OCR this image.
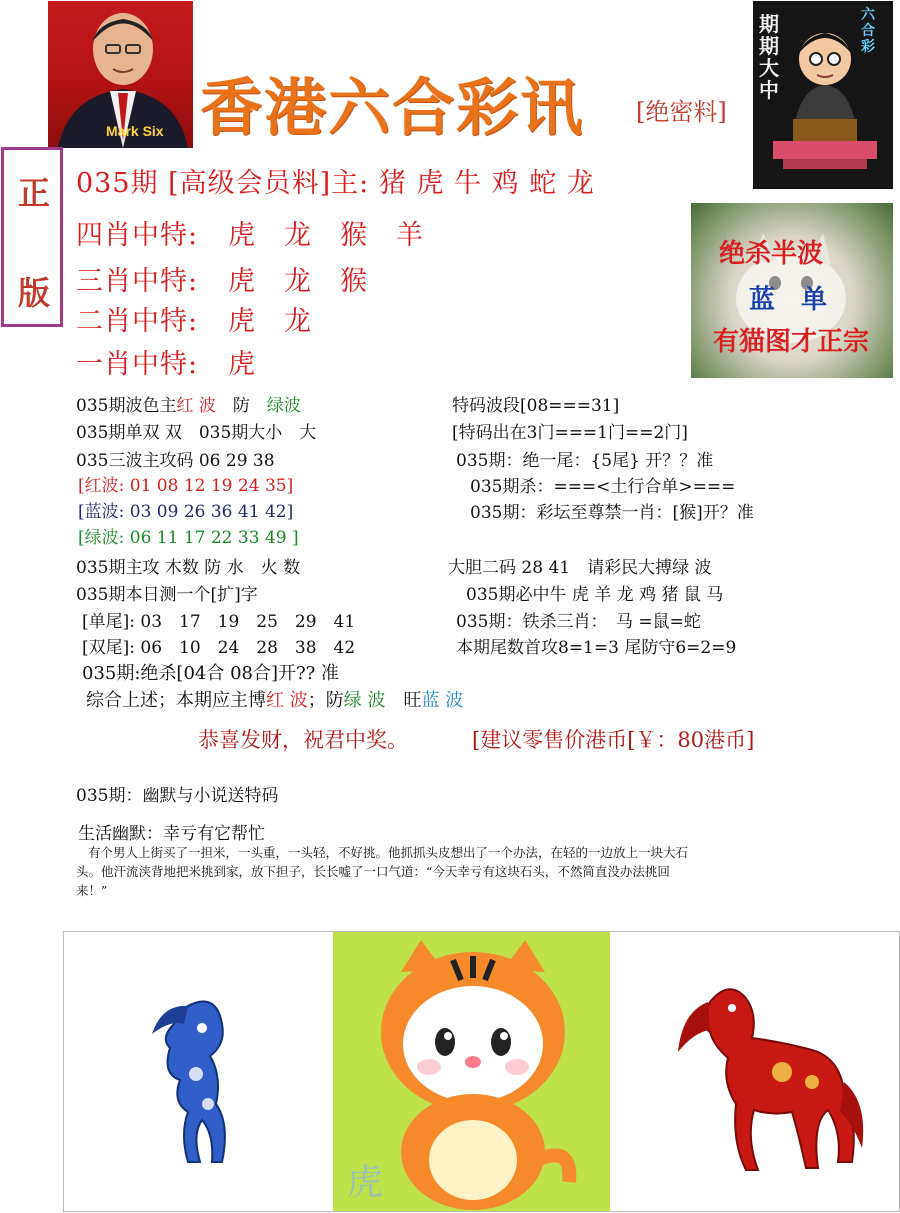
Mark Six 香港六合彩讯 [绝密料]
期期大中
六合彩
正
版
035期 [高级会员料]主: 猪 虎 牛 鸡 蛇 龙
四肖中特: 虎　龙　猴　羊
三肖中特: 虎　龙　猴
二肖中特: 虎　龙
一肖中特: 虎
绝杀半波
蓝　单
有猫图才正宗
035期波色主红 波　防　绿波
035期单双 双　035期大小　大
035三波主攻码 06 29 38
[红波: 01 08 12 19 24 35]
[蓝波: 03 09 26 36 41 42]
[绿波: 06 11 17 22 33 49 ]
035期主攻 木数 防 水　火 数
035期本日测一个[扩]字
[单尾]: 03　17　19　25　29　41
[双尾]: 06　10　24　28　38　42
035期:绝杀[04合 08合]开?? 准
综合上述；本期应主博红 波；防绿 波　旺蓝 波
特码波段[08===31]
[特码出在3门===1门==2门]
035期：绝一尾：{5尾} 开？？准
035期杀：===<土行合单>===
035期：彩坛至尊禁一肖：[猴]开？准
大胆二码 28 41　请彩民大搏绿 波
035期必中牛 虎 羊 龙 鸡 猪 鼠 马
035期：铁杀三肖：　马 =鼠=蛇
本期尾数首攻8=1=3 尾防守6=2=9
恭喜发财，祝君中奖。	[建议零售价港币[￥：80港币]
035期：幽默与小说送特码
生活幽默：幸亏有它帮忙
有个男人上街买了一担米，一头重，一头轻，不好挑。他抓抓头皮想出了一个办法，在轻的一边放上一块大石
头。他汗流浃背地把米挑到家，放下担子，长长嘘了一口气道：“今天幸亏有这块石头，不然简直没办法挑回
来！”
虎
